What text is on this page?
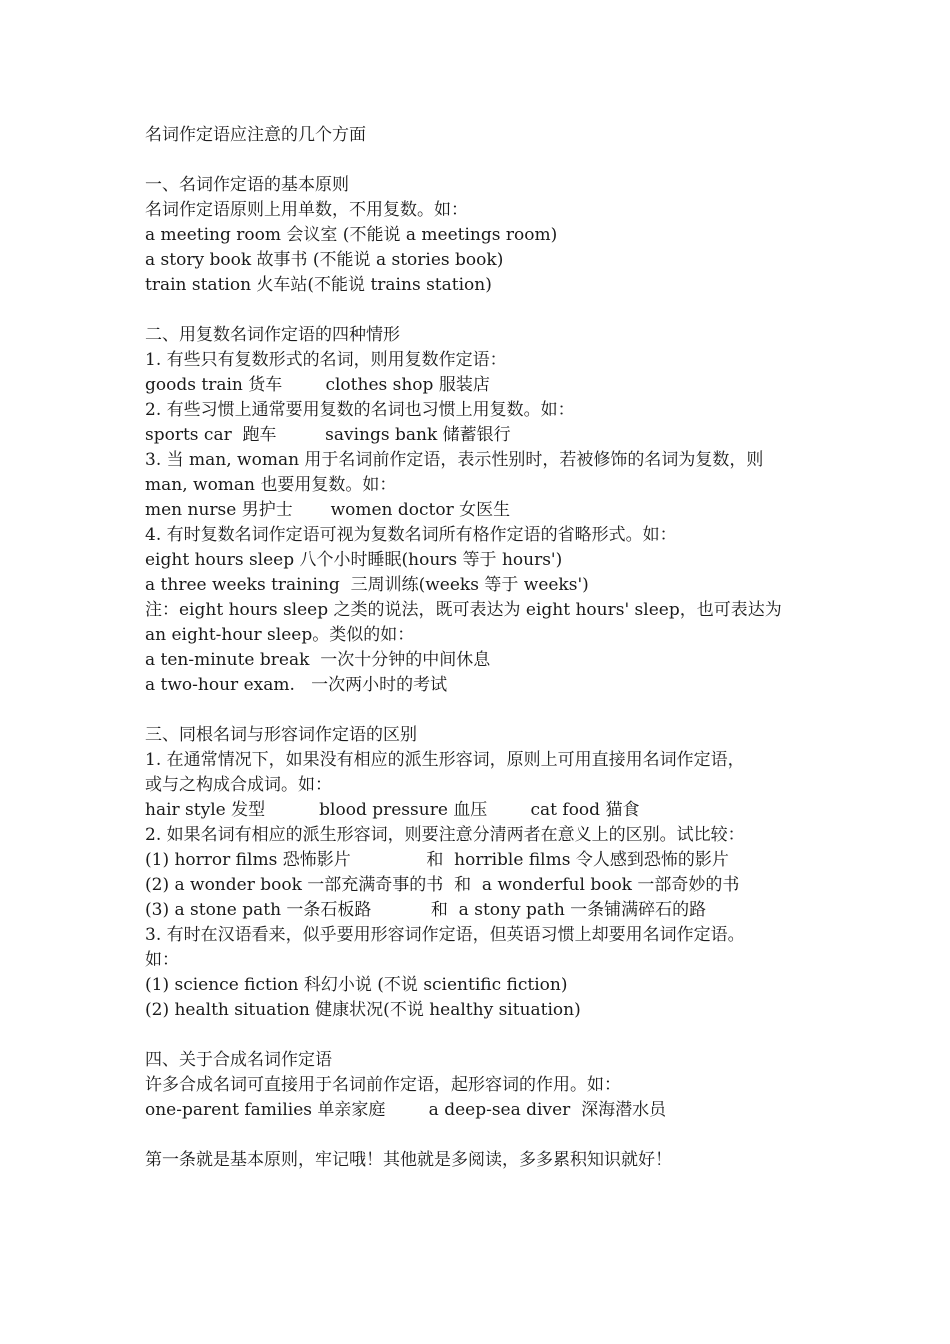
名词作定语应注意的几个方面
一、名词作定语的基本原则
名词作定语原则上用单数，不用复数。如：
a meeting room 会议室 (不能说 a meetings room)
a story book 故事书 (不能说 a stories book)
train station 火车站(不能说 trains station)
二、用复数名词作定语的四种情形
1. 有些只有复数形式的名词，则用复数作定语：
goods train 货车        clothes shop 服装店
2. 有些习惯上通常要用复数的名词也习惯上用复数。如：
sports car  跑车         savings bank 储蓄银行
3. 当 man, woman 用于名词前作定语，表示性别时，若被修饰的名词为复数，则
man, woman 也要用复数。如：
men nurse 男护士       women doctor 女医生
4. 有时复数名词作定语可视为复数名词所有格作定语的省略形式。如：
eight hours sleep 八个小时睡眠(hours 等于 hours')
a three weeks training  三周训练(weeks 等于 weeks')
注：eight hours sleep 之类的说法，既可表达为 eight hours' sleep，也可表达为
an eight-hour sleep。类似的如：
a ten-minute break  一次十分钟的中间休息
a two-hour exam.   一次两小时的考试
三、同根名词与形容词作定语的区别
1. 在通常情况下，如果没有相应的派生形容词，原则上可用直接用名词作定语，
或与之构成合成词。如：
hair style 发型          blood pressure 血压        cat food 猫食
2. 如果名词有相应的派生形容词，则要注意分清两者在意义上的区别。试比较：
(1) horror films 恐怖影片              和  horrible films 令人感到恐怖的影片
(2) a wonder book 一部充满奇事的书  和  a wonderful book 一部奇妙的书
(3) a stone path 一条石板路           和  a stony path 一条铺满碎石的路
3. 有时在汉语看来，似乎要用形容词作定语，但英语习惯上却要用名词作定语。
如：
(1) science fiction 科幻小说 (不说 scientific fiction)
(2) health situation 健康状况(不说 healthy situation)
四、关于合成名词作定语
许多合成名词可直接用于名词前作定语，起形容词的作用。如：
one-parent families 单亲家庭        a deep-sea diver  深海潜水员
第一条就是基本原则，牢记哦！其他就是多阅读，多多累积知识就好！
